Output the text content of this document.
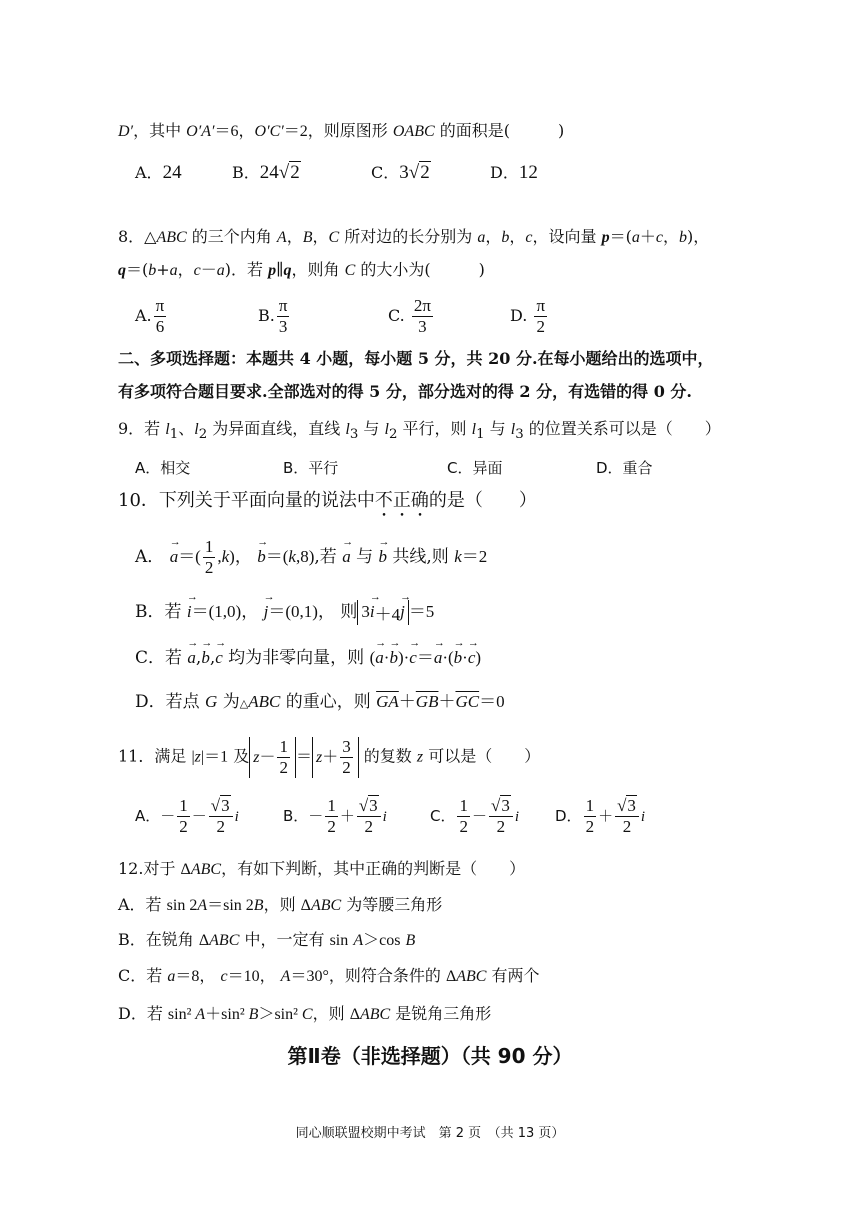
D′，其中 O′A′＝6，O′C′＝2，则原图形 OABC 的面积是(　　　)
A．24	B．24√2	C．3√2	D．12
8．△ABC 的三个内角 A，B，C 所对边的长分别为 a，b，c，设向量 p＝(a＋c，b)，
q＝(b+a，c－a)．若 p∥q，则角 C 的大小为(　　　)
A. $\frac{\pi}{6}$	B. $\frac{\pi}{3}$	C. $\frac{2\pi}{3}$	D. $\frac{\pi}{2}$
二、多项选择题：本题共 4 小题，每小题 5 分，共 20 分.在每小题给出的选项中，
有多项符合题目要求.全部选对的得 5 分，部分选对的得 2 分，有选错的得 0 分.
9．若 $l_1$、$l_2$ 为异面直线，直线 $l_3$ 与 $l_2$ 平行，则 $l_1$ 与 $l_3$ 的位置关系可以是（　　）
A．相交	B．平行	C．异面	D．重合
10．下列关于平面向量的说法中不正确的是（　　）
A． → $a=( \frac{1}{2} ,k)$， → b＝(k,8),若 → a 与 → b 共线,则 k＝2
B．若 → i＝(1,0)， → j＝(0,1)， 则 3 → i ＋4 → j ＝5
C．若 → a,→ b,→ c 均为非零向量，则 (→ a·→ b)·→ c＝→ a·(→ b·→ c)
D．若点 G 为△ABC 的重心，则 $\overline{GA}+\overline{GB}+\overline{GC}=0$
11．满足 |z|＝1 及 $z - \frac{1}{2} = z + \frac{3}{2}$ 的复数 z 可以是（　　）
A．－ $\frac{1}{2} - \frac{√3}{2}$ i	B．－ $\frac{1}{2} + \frac{√3}{2}$ i	C． $\frac{1}{2} - \frac{√3}{2}$ i D． $\frac{1}{2} + \frac{√3}{2}$ i
12.对于 ΔABC，有如下判断，其中正确的判断是（　　）
A．若 sin 2A＝sin 2B，则 ΔABC 为等腰三角形
B．在锐角 ΔABC 中，一定有 sin A＞cos B
C．若 a＝8， c＝10， A＝30°，则符合条件的 ΔABC 有两个
D．若 sin² A＋sin² B＞sin² C，则 ΔABC 是锐角三角形
第Ⅱ卷（非选择题）（共 90 分）
同心顺联盟校期中考试　第 2 页　（共 13 页）
